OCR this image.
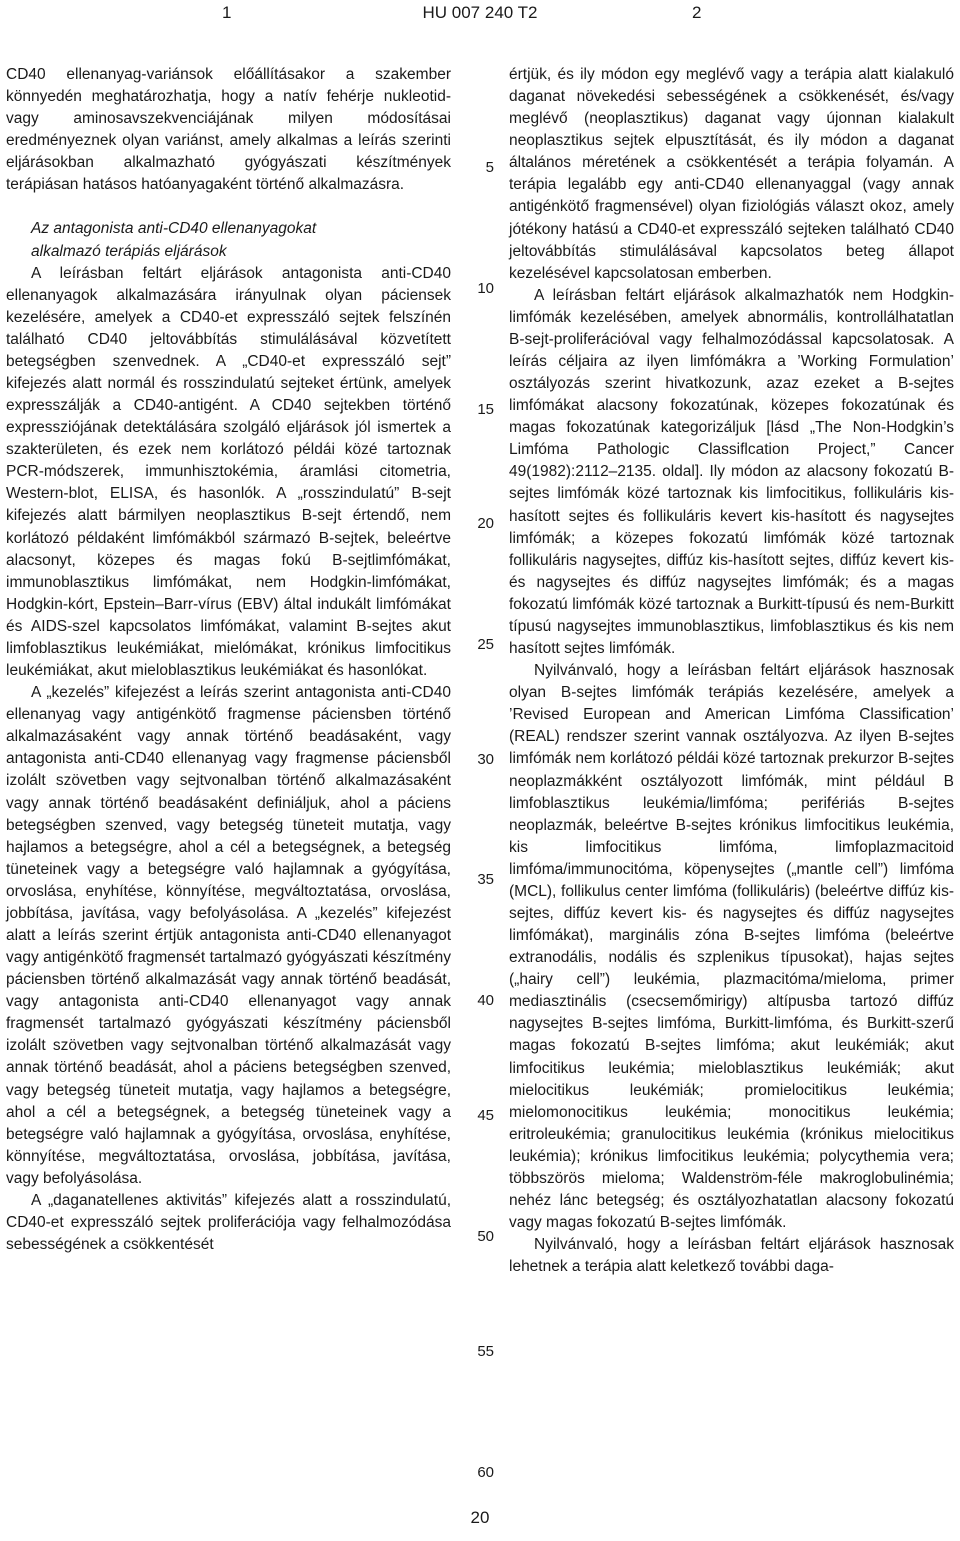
1	HU 007 240 T2	2

CD40 ellenanyag-variánsok előállításakor a szakember könnyedén meghatározhatja, hogy a natív fehérje nukleotid- vagy aminosavszekvenciájának milyen módosításai eredményeznek olyan variánst, amely alkalmas a leírás szerinti eljárásokban alkalmazható gyógyászati készítmények terápiásan hatásos hatóanyagaként történő alkalmazásra.

Az antagonista anti-CD40 ellenanyagokat

alkalmazó terápiás eljárások

A leírásban feltárt eljárások antagonista anti-CD40 ellenanyagok alkalmazására irányulnak olyan páciensek kezelésére, amelyek a CD40-et expresszáló sejtek felszínén található CD40 jeltovábbítás stimulálásával közvetített betegségben szenvednek. A „CD40-et expresszáló sejt” kifejezés alatt normál és rosszindulatú sejteket értünk, amelyek expresszálják a CD40-antigént. A CD40 sejtekben történő expressziójának detektálására szolgáló eljárások jól ismertek a szakterületen, és ezek nem korlátozó példái közé tartoznak PCR-módszerek, immunhisztokémia, áramlási citometria, Western-blot, ELISA, és hasonlók. A „rosszindulatú” B-sejt kifejezés alatt bármilyen neoplasztikus B-sejt értendő, nem korlátozó példaként limfómákból származó B-sejtek, beleértve alacsonyt, közepes és magas fokú B-sejtlimfómákat, immunoblasztikus limfómákat, nem Hodgkin-limfómákat, Hodgkin-kórt, Epstein–Barr-vírus (EBV) által indukált limfómákat és AIDS-szel kapcsolatos limfómákat, valamint B-sejtes akut limfoblasztikus leukémiákat, mielómákat, krónikus limfocitikus leukémiákat, akut mieloblasztikus leukémiákat és hasonlókat.

A „kezelés” kifejezést a leírás szerint antagonista anti-CD40 ellenanyag vagy antigénkötő fragmense páciensben történő alkalmazásaként vagy annak történő beadásaként, vagy antagonista anti-CD40 ellenanyag vagy fragmense páciensből izolált szövetben vagy sejtvonalban történő alkalmazásaként vagy annak történő beadásaként definiáljuk, ahol a páciens betegségben szenved, vagy betegség tüneteit mutatja, vagy hajlamos a betegségre, ahol a cél a betegségnek, a betegség tüneteinek vagy a betegségre való hajlamnak a gyógyítása, orvoslása, enyhítése, könnyítése, megváltoztatása, orvoslása, jobbítása, javítása, vagy befolyásolása. A „kezelés” kifejezést alatt a leírás szerint értjük antagonista anti-CD40 ellenanyagot vagy antigénkötő fragmensét tartalmazó gyógyászati készítmény páciensben történő alkalmazását vagy annak történő beadását, vagy antagonista anti-CD40 ellenanyagot vagy annak fragmensét tartalmazó gyógyászati készítmény páciensből izolált szövetben vagy sejtvonalban történő alkalmazását vagy annak történő beadását, ahol a páciens betegségben szenved, vagy betegség tüneteit mutatja, vagy hajlamos a betegségre, ahol a cél a betegségnek, a betegség tüneteinek vagy a betegségre való hajlamnak a gyógyítása, orvoslása, enyhítése, könnyítése, megváltoztatása, orvoslása, jobbítása, javítása, vagy befolyásolása.

A „daganatellenes aktivitás” kifejezés alatt a rosszindulatú, CD40-et expresszáló sejtek proliferációja vagy felhalmozódása sebességének a csökkentését

5
10
15
20
25
30
35
40
45
50
55
60

értjük, és ily módon egy meglévő vagy a terápia alatt kialakuló daganat növekedési sebességének a csökkenését, és/vagy meglévő (neoplasztikus) daganat vagy újonnan kialakult neoplasztikus sejtek elpusztítását, és ily módon a daganat általános méretének a csökkentését a terápia folyamán. A terápia legalább egy anti-CD40 ellenanyaggal (vagy annak antigénkötő fragmensével) olyan fiziológiás választ okoz, amely jótékony hatású a CD40-et expresszáló sejteken található CD40 jeltovábbítás stimulálásával kapcsolatos beteg állapot kezelésével kapcsolatosan emberben.

A leírásban feltárt eljárások alkalmazhatók nem Hodgkin-limfómák kezelésében, amelyek abnormális, kontrollálhatatlan B-sejt-proliferációval vagy felhalmozódással kapcsolatosak. A leírás céljaira az ilyen limfómákra a ’Working Formulation’ osztályozás szerint hivatkozunk, azaz ezeket a B-sejtes limfómákat alacsony fokozatúnak, közepes fokozatúnak és magas fokozatúnak kategorizáljuk [lásd „The Non-Hodgkin’s Limfóma Pathologic Classiflcation Project,” Cancer 49(1982):2112–2135. oldal]. Ily módon az alacsony fokozatú B-sejtes limfómák közé tartoznak kis limfocitikus, follikuláris kis-hasított sejtes és follikuláris kevert kis-hasított és nagysejtes limfómák; a közepes fokozatú limfómák közé tartoznak follikuláris nagysejtes, diffúz kis-hasított sejtes, diffúz kevert kis- és nagysejtes és diffúz nagysejtes limfómák; és a magas fokozatú limfómák közé tartoznak a Burkitt-típusú és nem-Burkitt típusú nagysejtes immunoblasztikus, limfoblasztikus és kis nem hasított sejtes limfómák.

Nyilvánvaló, hogy a leírásban feltárt eljárások hasznosak olyan B-sejtes limfómák terápiás kezelésére, amelyek a ’Revised European and American Limfóma Classification’ (REAL) rendszer szerint vannak osztályozva. Az ilyen B-sejtes limfómák nem korlátozó példái közé tartoznak prekurzor B-sejtes neoplazmákként osztályozott limfómák, mint például B limfoblasztikus leukémia/limfóma; perifériás B-sejtes neoplazmák, beleértve B-sejtes krónikus limfocitikus leukémia, kis limfocitikus limfóma, limfoplazmacitoid limfóma/immunocitóma, köpenysejtes („mantle cell”) limfóma (MCL), follikulus center limfóma (follikuláris) (beleértve diffúz kis-sejtes, diffúz kevert kis- és nagysejtes és diffúz nagysejtes limfómákat), marginális zóna B-sejtes limfóma (beleértve extranodális, nodális és szplenikus típusokat), hajas sejtes („hairy cell”) leukémia, plazmacitóma/mieloma, primer mediasztinális (csecsemőmirigy) altípusba tartozó diffúz nagysejtes B-sejtes limfóma, Burkitt-limfóma, és Burkitt-szerű magas fokozatú B-sejtes limfóma; akut leukémiák; akut limfocitikus leukémia; mieloblasztikus leukémiák; akut mielocitikus leukémiák; promielocitikus leukémia; mielomonocitikus leukémia; monocitikus leukémia; eritroleukémia; granulocitikus leukémia (krónikus mielocitikus leukémia); krónikus limfocitikus leukémia; polycythemia vera; többszörös mieloma; Waldenström-féle makroglobulinémia; nehéz lánc betegség; és osztályozhatatlan alacsony fokozatú vagy magas fokozatú B-sejtes limfómák.

Nyilvánvaló, hogy a leírásban feltárt eljárások hasznosak lehetnek a terápia alatt keletkező további daga-

20
